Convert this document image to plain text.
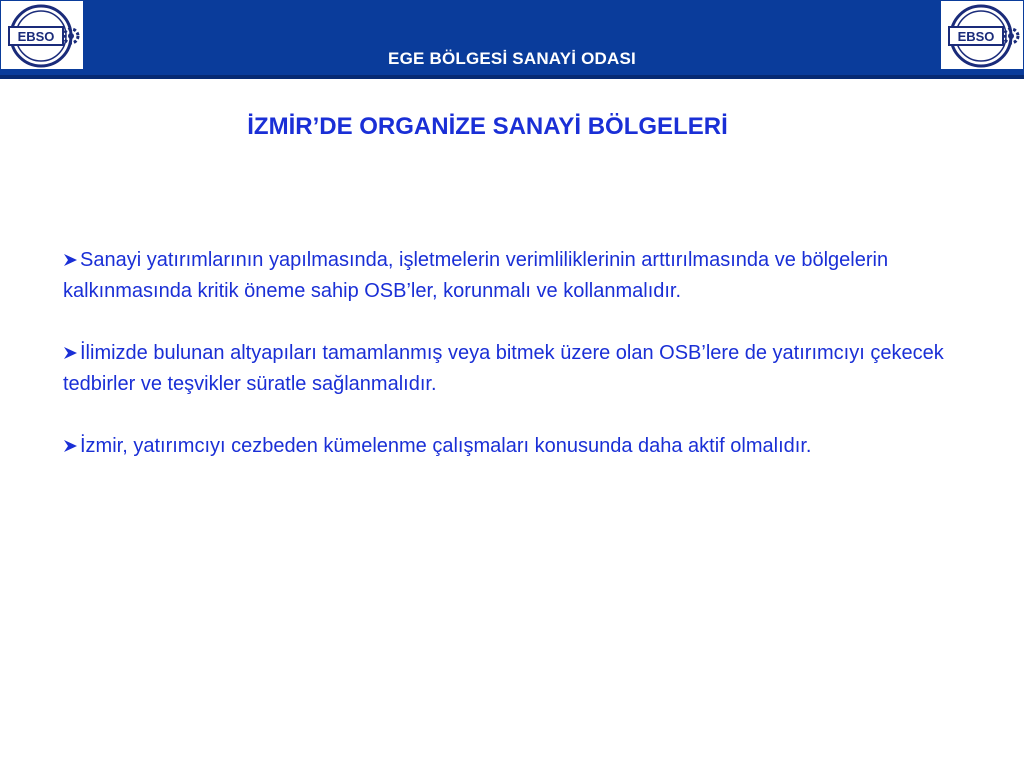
EBSO	EBSO
EGE BÖLGESİ SANAYİ ODASI
İZMİR’DE ORGANİZE SANAYİ BÖLGELERİ

Sanayi yatırımlarının yapılmasında, işletmelerin verimliliklerinin arttırılmasında ve bölgelerin kalkınmasında kritik öneme sahip OSB’ler, korunmalı ve kollanmalıdır.

İlimizde bulunan altyapıları tamamlanmış veya bitmek üzere olan OSB’lere de yatırımcıyı çekecek tedbirler ve teşvikler süratle sağlanmalıdır.

İzmir, yatırımcıyı cezbeden kümelenme çalışmaları konusunda daha aktif olmalıdır.
